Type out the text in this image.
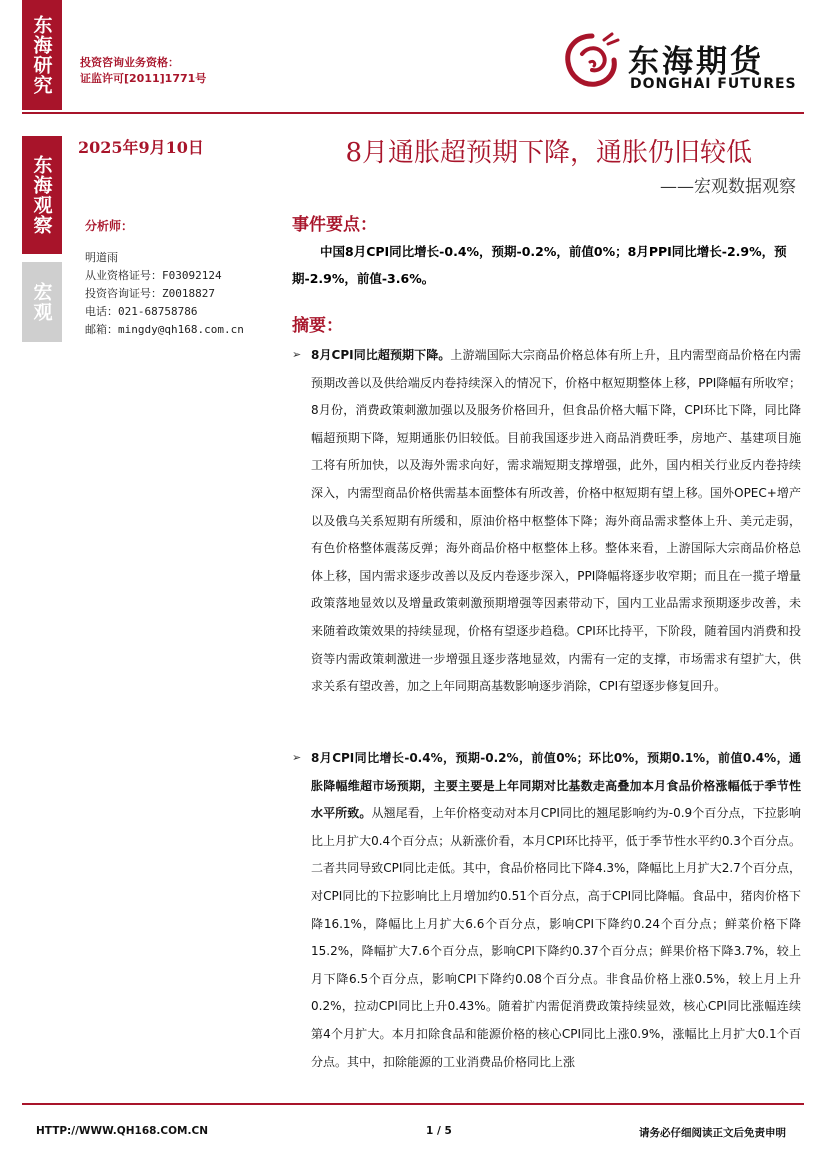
东海研究
东海观察
宏观
投资咨询业务资格：
证监许可[2011]1771号	东海期货
DONGHAI FUTURES
2025年9月10日	8月通胀超预期下降，通胀仍旧较低
——宏观数据观察
分析师：
明道雨
从业资格证号：F03092124
投资咨询证号：Z0018827
电话：021-68758786
邮箱：mingdy@qh168.com.cn
事件要点：
中国8月CPI同比增长-0.4%，预期-0.2%，前值0%；8月PPI同比增长-2.9%，预期-2.9%，前值-3.6%。
摘要：
➢ 8月CPI同比超预期下降。上游端国际大宗商品价格总体有所上升，且内需型商品价格在内需预期改善以及供给端反内卷持续深入的情况下，价格中枢短期整体上移，PPI降幅有所收窄；8月份，消费政策刺激加强以及服务价格回升，但食品价格大幅下降，CPI环比下降，同比降幅超预期下降，短期通胀仍旧较低。目前我国逐步进入商品消费旺季，房地产、基建项目施工将有所加快，以及海外需求向好，需求端短期支撑增强，此外，国内相关行业反内卷持续深入，内需型商品价格供需基本面整体有所改善，价格中枢短期有望上移。国外OPEC+增产以及俄乌关系短期有所缓和，原油价格中枢整体下降；海外商品需求整体上升、美元走弱，有色价格整体震荡反弹；海外商品价格中枢整体上移。整体来看，上游国际大宗商品价格总体上移，国内需求逐步改善以及反内卷逐步深入，PPI降幅将逐步收窄期；而且在一揽子增量政策落地显效以及增量政策刺激预期增强等因素带动下，国内工业品需求预期逐步改善，未来随着政策效果的持续显现，价格有望逐步趋稳。CPI环比持平，下阶段，随着国内消费和投资等内需政策刺激进一步增强且逐步落地显效，内需有一定的支撑，市场需求有望扩大，供求关系有望改善，加之上年同期高基数影响逐步消除，CPI有望逐步修复回升。
➢ 8月CPI同比增长-0.4%，预期-0.2%，前值0%；环比0%，预期0.1%，前值0.4%，通胀降幅维超市场预期，主要主要是上年同期对比基数走高叠加本月食品价格涨幅低于季节性水平所致。从翘尾看，上年价格变动对本月CPI同比的翘尾影响约为-0.9个百分点，下拉影响比上月扩大0.4个百分点；从新涨价看，本月CPI环比持平，低于季节性水平约0.3个百分点。二者共同导致CPI同比走低。其中，食品价格同比下降4.3%，降幅比上月扩大2.7个百分点，对CPI同比的下拉影响比上月增加约0.51个百分点，高于CPI同比降幅。食品中，猪肉价格下降16.1%，降幅比上月扩大6.6个百分点，影响CPI下降约0.24个百分点；鲜菜价格下降15.2%，降幅扩大7.6个百分点，影响CPI下降约0.37个百分点；鲜果价格下降3.7%，较上月下降6.5个百分点，影响CPI下降约0.08个百分点。非食品价格上涨0.5%，较上月上升0.2%，拉动CPI同比上升0.43%。随着扩内需促消费政策持续显效，核心CPI同比涨幅连续第4个月扩大。本月扣除食品和能源价格的核心CPI同比上涨0.9%，涨幅比上月扩大0.1个百分点。其中，扣除能源的工业消费品价格同比上涨
HTTP://WWW.QH168.COM.CN	1 / 5	请务必仔细阅读正文后免责申明
